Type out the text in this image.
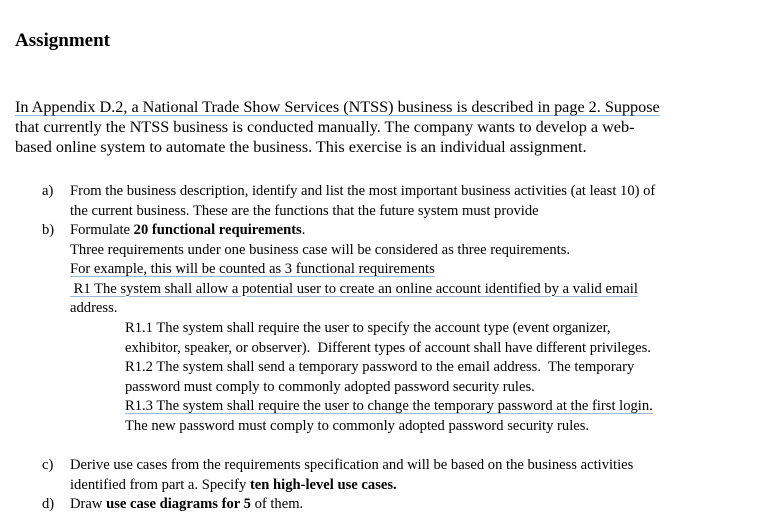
Assignment

In Appendix D.2, a National Trade Show Services (NTSS) business is described in page 2. Suppose
that currently the NTSS business is conducted manually. The company wants to develop a web-
based online system to automate the business. This exercise is an individual assignment.

a) From the business description, identify and list the most important business activities (at least 10) of
the current business. These are the functions that the future system must provide
b) Formulate 20 functional requirements.
Three requirements under one business case will be considered as three requirements.
For example, this will be counted as 3 functional requirements
R1 The system shall allow a potential user to create an online account identified by a valid email
address.
R1.1 The system shall require the user to specify the account type (event organizer,
exhibitor, speaker, or observer).  Different types of account shall have different privileges.
R1.2 The system shall send a temporary password to the email address.  The temporary
password must comply to commonly adopted password security rules.
R1.3 The system shall require the user to change the temporary password at the first login.
The new password must comply to commonly adopted password security rules.
c) Derive use cases from the requirements specification and will be based on the business activities
identified from part a. Specify ten high-level use cases.
d) Draw use case diagrams for 5 of them.
